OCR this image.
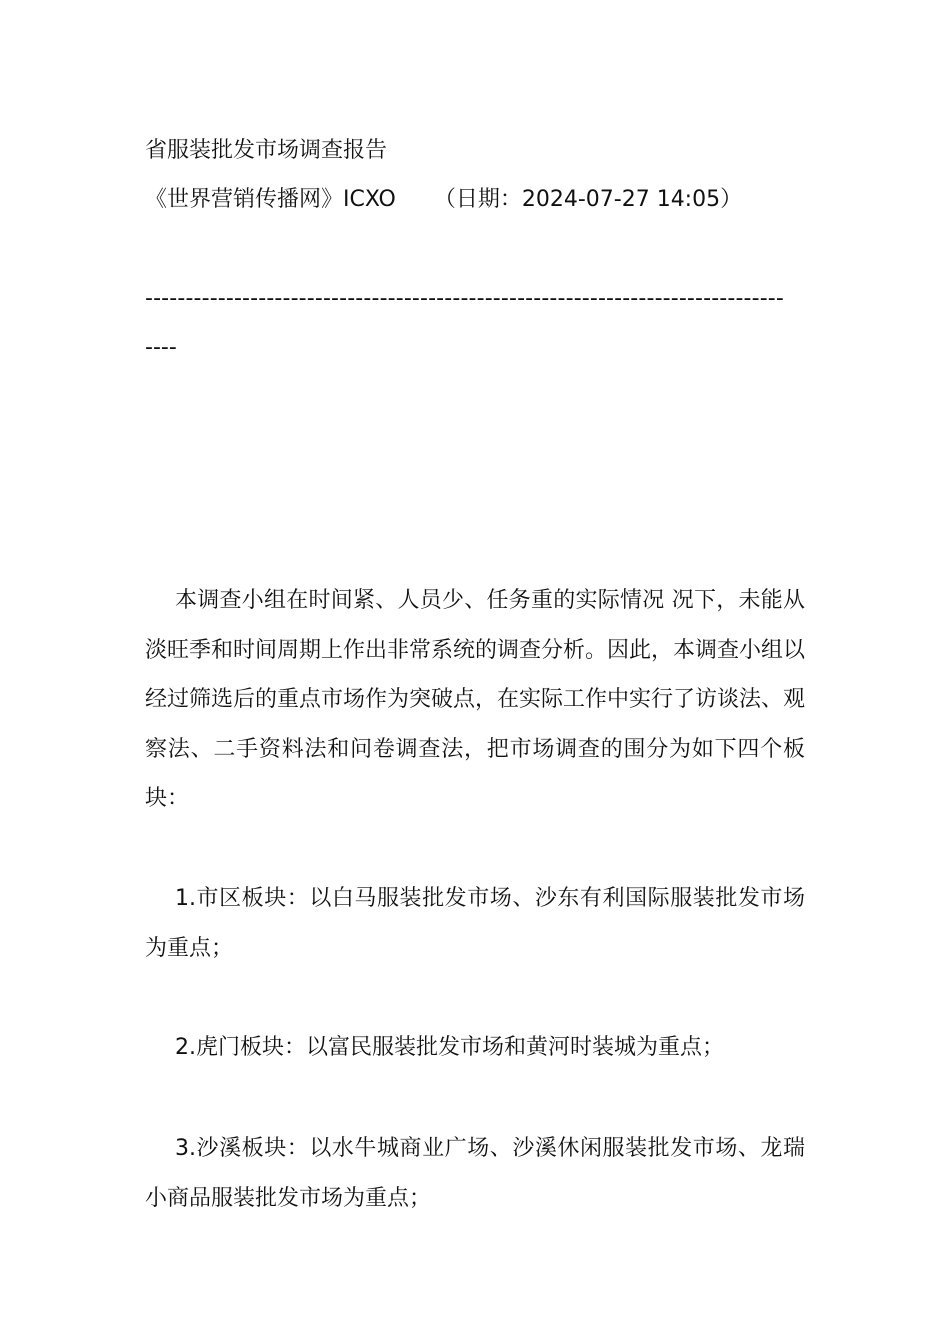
省服装批发市场调查报告
《世界营销传播网》ICXO （日期：2024-07-27 14:05）
-------------------------------------------------------------------------------
----

本调查小组在时间紧、人员少、任务重的实际情况 况下，未能从淡旺季和时间周期上作出非常系统的调查分析。因此，本调查小组以经过筛选后的重点市场作为突破点，在实际工作中实行了访谈法、观察法、二手资料法和问卷调查法，把市场调查的围分为如下四个板块：

1.市区板块：以白马服装批发市场、沙东有利国际服装批发市场为重点；

2.虎门板块：以富民服装批发市场和黄河时装城为重点；

3.沙溪板块：以水牛城商业广场、沙溪休闲服装批发市场、龙瑞小商品服装批发市场为重点；
